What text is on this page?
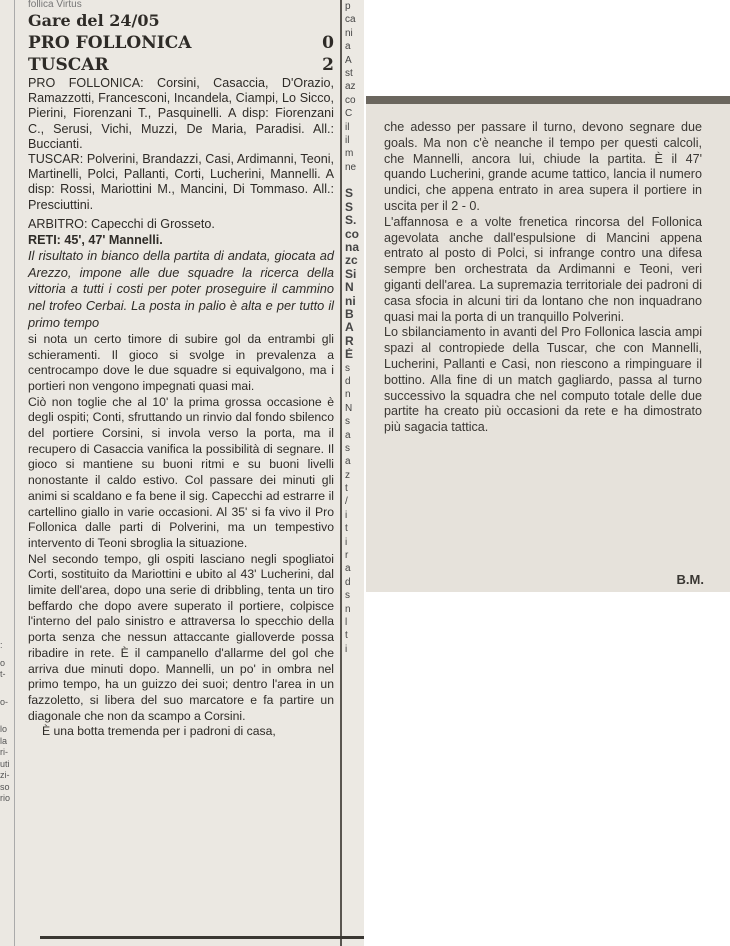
:
o
t-
o-
lo
la
ri-
uti
zi-
so
rio
follica Virtus
Gare del 24/05
PRO FOLLONICA	0
TUSCAR	2
PRO FOLLONICA: Corsini, Casaccia, D'Orazio, Ramazzotti, Francesconi, Incandela, Ciampi, Lo Sicco, Pierini, Fiorenzani T., Pasquinelli. A disp: Fiorenzani C., Serusi, Vichi, Muzzi, De Maria, Paradisi. All.: Buccianti.
TUSCAR: Polverini, Brandazzi, Casi, Ardimanni, Teoni, Martinelli, Polci, Pallanti, Corti, Lucherini, Mannelli. A disp: Rossi, Mariottini M., Mancini, Di Tommaso. All.: Presciuttini.
ARBITRO: Capecchi di Grosseto.
RETI: 45', 47' Mannelli.

Il risultato in bianco della partita di andata, giocata ad Arezzo, impone alle due squadre la ricerca della vittoria a tutti i costi per poter proseguire il cammino nel trofeo Cerbai. La posta in palio è alta e per tutto il primo tempo

si nota un certo timore di subire gol da entrambi gli schieramenti. Il gioco si svolge in prevalenza a centrocampo dove le due squadre si equivalgono, ma i portieri non vengono impegnati quasi mai.

Ciò non toglie che al 10' la prima grossa occasione è degli ospiti; Conti, sfruttando un rinvio dal fondo sbilenco del portiere Corsini, si invola verso la porta, ma il recupero di Casaccia vanifica la possibilità di segnare. Il gioco si mantiene su buoni ritmi e su buoni livelli nonostante il caldo estivo. Col passare dei minuti gli animi si scaldano e fa bene il sig. Capecchi ad estrarre il cartellino giallo in varie occasioni. Al 35' si fa vivo il Pro Follonica dalle parti di Polverini, ma un tempestivo intervento di Teoni sbroglia la situazione.

Nel secondo tempo, gli ospiti lasciano negli spogliatoi Corti, sostituito da Mariottini e ubito al 43' Lucherini, dal limite dell'area, dopo una serie di dribbling, tenta un tiro beffardo che dopo avere superato il portiere, colpisce l'interno del palo sinistro e attraversa lo specchio della porta senza che nessun attaccante gialloverde possa ribadire in rete. È il campanello d'allarme del gol che arriva due minuti dopo. Mannelli, un po' in ombra nel primo tempo, ha un guizzo dei suoi; dentro l'area in un fazzoletto, si libera del suo marcatore e fa partire un diagonale che non da scampo a Corsini.

È una botta tremenda per i padroni di casa,

p
ca
ni
a
A
st
az
co
C
il
il
m
ne
S
S
S.
co
na
zc
Si
N
ni
B
A
R
È
s
d
n
N
s
a
s
a
z
t
/
i
t
i
r
a
d
s
n
l
t
i

che adesso per passare il turno, devono segnare due goals. Ma non c'è neanche il tempo per questi calcoli, che Mannelli, ancora lui, chiude la partita. È il 47' quando Lucherini, grande acume tattico, lancia il numero undici, che appena entrato in area supera il portiere in uscita per il 2 - 0.

L'affannosa e a volte frenetica rincorsa del Follonica agevolata anche dall'espulsione di Mancini appena entrato al posto di Polci, si infrange contro una difesa sempre ben orchestrata da Ardimanni e Teoni, veri giganti dell'area. La supremazia territoriale dei padroni di casa sfocia in alcuni tiri da lontano che non inquadrano quasi mai la porta di un tranquillo Polverini.

Lo sbilanciamento in avanti del Pro Follonica lascia ampi spazi al contropiede della Tuscar, che con Mannelli, Lucherini, Pallanti e Casi, non riescono a rimpinguare il bottino. Alla fine di un match gagliardo, passa al turno successivo la squadra che nel computo totale delle due partite ha creato più occasioni da rete e ha dimostrato più sagacia tattica.

B.M.
